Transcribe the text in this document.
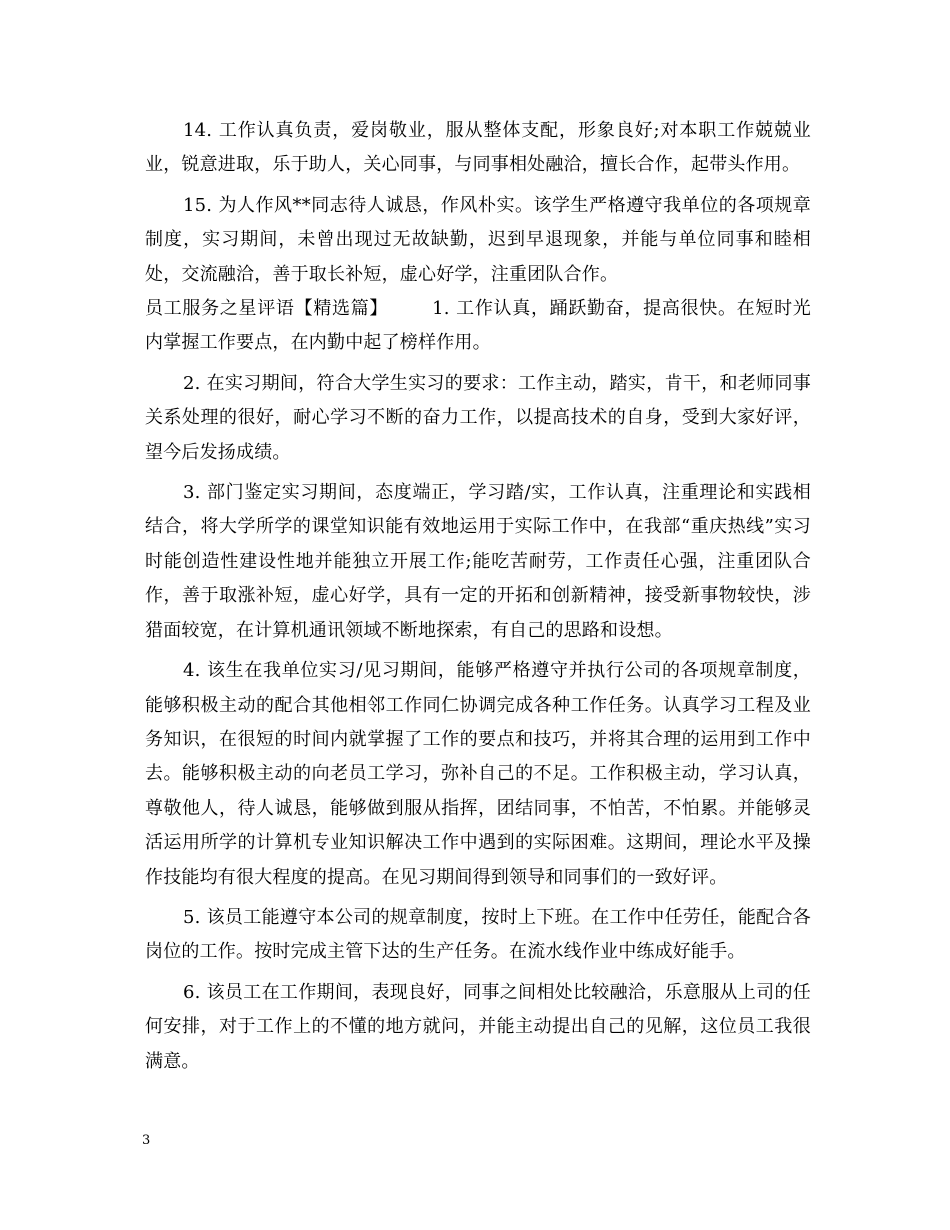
14. 工作认真负责，爱岗敬业，服从整体支配，形象良好;对本职工作兢兢业业，锐意进取，乐于助人，关心同事，与同事相处融洽，擅长合作，起带头作用。

15. 为人作风**同志待人诚恳，作风朴实。该学生严格遵守我单位的各项规章制度，实习期间，未曾出现过无故缺勤，迟到早退现象，并能与单位同事和睦相处，交流融洽，善于取长补短，虚心好学，注重团队合作。

员工服务之星评语【精选篇】 1. 工作认真，踊跃勤奋，提高很快。在短时光内掌握工作要点，在内勤中起了榜样作用。

2. 在实习期间，符合大学生实习的要求：工作主动，踏实，肯干，和老师同事关系处理的很好，耐心学习不断的奋力工作，以提高技术的自身，受到大家好评，望今后发扬成绩。

3. 部门鉴定实习期间，态度端正，学习踏/实，工作认真，注重理论和实践相结合，将大学所学的课堂知识能有效地运用于实际工作中，在我部“重庆热线”实习时能创造性建设性地并能独立开展工作;能吃苦耐劳，工作责任心强，注重团队合作，善于取涨补短，虚心好学，具有一定的开拓和创新精神，接受新事物较快，涉猎面较宽，在计算机通讯领域不断地探索，有自己的思路和设想。

4. 该生在我单位实习/见习期间，能够严格遵守并执行公司的各项规章制度，能够积极主动的配合其他相邻工作同仁协调完成各种工作任务。认真学习工程及业务知识，在很短的时间内就掌握了工作的要点和技巧，并将其合理的运用到工作中去。能够积极主动的向老员工学习，弥补自己的不足。工作积极主动，学习认真，尊敬他人，待人诚恳，能够做到服从指挥，团结同事，不怕苦，不怕累。并能够灵活运用所学的计算机专业知识解决工作中遇到的实际困难。这期间，理论水平及操作技能均有很大程度的提高。在见习期间得到领导和同事们的一致好评。

5. 该员工能遵守本公司的规章制度，按时上下班。在工作中任劳任，能配合各岗位的工作。按时完成主管下达的生产任务。在流水线作业中练成好能手。

6. 该员工在工作期间，表现良好，同事之间相处比较融洽，乐意服从上司的任何安排，对于工作上的不懂的地方就问，并能主动提出自己的见解，这位员工我很满意。

3
